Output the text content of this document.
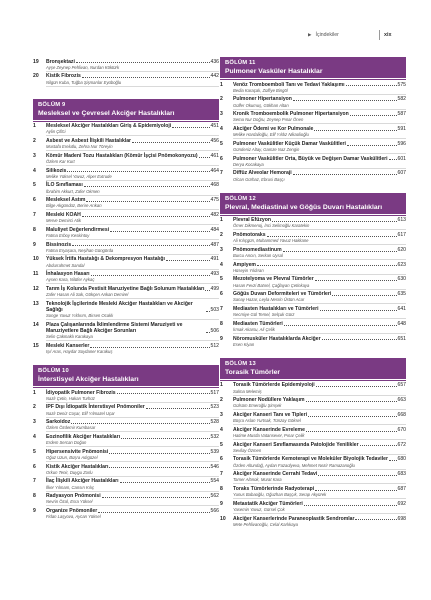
▶ İçindekiler	xix
19	Bronşektazi	436
Ayşe Zeynep Pehlivan, Nurdan Köktürk
20	Kistik Fibrozis	442
Nilgün Kuba, Tuğba Şişmanlar Eyüboğlu
BÖLÜM 9
Mesleksel ve Çevresel Akciğer Hastalıkları
1	Mesleksel Akciğer Hastalıkları Giriş & Epidemiyoloji	451
Aylin Çiftci
2	Asbest ve Asbest İlişkili Hastalıklar	456
Mustafa Erelutlu, Zehra Nur Töreyin
3	Kömür Madeni Tozu Hastalıkları (Kömür İşçisi Pnömokonyozu)	461
Özlem Kar Kurt
4	Silikozis	464
Melike Yüksel Yavuz, Alper Extrude
5	İLO Sınıflaması	468
İbrahim Akkurt, Zafer Okmen
6	Mesleksel Astım	475
Bilge Akgündüz, Berire Arıkan
7	Mesleki KOAH	482
Merve Demirci Atik
8	Maluliyet Değerlendirmesi	484
Fatma Erboy Keskintoy
9	Bissinozis	487
Fatma Eryaşara, Neşihan Güngörda
10	Yüksek İrtifa Hastalığı & Dekompresyon Hastalığı	491
Abdurrahmet Sandal
11	İnhalasyon Hasarı	493
Aysen Kara, Nilüfer Aykaç
12	Tarım İş Kolunda Pestisit Maruziyetine Bağlı Solunum Hastalıkları 499
Zafer Hasan Ali Sak, Gökçen Ankan Demirel
13	Teknolojik İşçilerinde Mesleki Akciğer Hastalıkları ve Akciğer Sağlığı	503
Songe Yavuz Yıldırım, Birsen Ocaklı
14	Plaza Çalışanlarında İklimlendirme Sistemi Maruziyeti ve Maruziyetlere Bağlı Akciğer Sorunları	506
Selin Çakmaklı Karakaya
15	Mesleki Kanserler	512
Işıl Aras, Haydar Soydaner Karakuş
BÖLÜM 10
İnterstisyel Akciğer Hastalıkları
1	İdiyopatik Pulmoner Fibrozis	517
Nazlı Çetin, Hakan Turhüz
2	IPF Dışı İdiopatik İnterstisyel Pnömoniler	523
Nazlı Deniz Coşar, Elif Yılmazel Uçar
3	Sarkoidoz	528
Özlem Özdemir Kumbasar
4	Eozinofilik Akciğer Hastalıkları	532
Erdem Sercan Doğan
5	Hipersensivite Pnömonisi	539
Oğuz Uzun, Büşra Adıgüzel
6	Kistik Akciğer Hastalıkları	546
Orkun Tenir, Duygu Zorlu
7	İlaç İlişkili Akciğer Hastalıkları	554
İlker Yılmam, Cansın Kılıç
8	Radyasyon Pnömonisi	562
Nevrin Özal, Esra Yüksel
9	Organize Pnömoniler	566
Fidan Laşyova, Aycan Yüksel
BÖLÜM 11
Pulmoner Vasküler Hastalıklar
1	Venöz Tromboemboli Tanı ve Tedavi Yaklaşımı	575
Bedia Karaçalı, Zülfiye Bingöl
2	Pulmoner Hipertansiyon	582
Gülfer Okumuş, Gökhan Altan
3	Kronik Tromboembolik Pulmoner Hipertansiyon	587
Sema Nur Doğru, Zeynep Pınar Önen
4	Akciğer Ödemi ve Kor Pulmonale	591
Melike Hardalioğlu, Elif Yıldız Nikaolioğlu
5	Pulmoner Vaskülitler Küçük Damar Vaskülitleri	596
Gündeniz Altay, Gamze Naz Zengin
6	Pulmoner Vaskülitler Orta, Büyük ve Değişen Damar Vaskülitleri 601
Derya Kocakaya
7	Diffüz Alveolar Hemoraji	607
Olcan Gürhaz, Ebrusi Başçı
BÖLÜM 12
Plevral, Mediastinal ve Göğüs Duvarı Hastalıkları
1	Plevral Efüzyon	613
Ömer Dikmenoj, İnci Selimoğlu Karatekin
2	Pnömotoraks	617
Ali Kılıçgün, Muhammed Yavuz Hakkane
3	Pnömomediastinum	620
Burcu Ancın, Serkan Uysal
4	Ampiyem	623
Hüseyin Yıldıran
5	Mezotelyoma ve Plevral Tümörler	630
Hasan Fevzi Batırel, Çağlayan Çetinkaya
6	Göğüs Duvarı Deformiteleri ve Tümörleri	635
Sanay Hazar, Leyla Nesrin Üstün Acar
7	Mediasten Hastalıkları ve Tümörleri	641
Necmiye Gül Temel, Selçuk Gürz
8	Mediasten Tümörleri	648
İrmak Akarsu, Ali Çelik
9	Nöromusküler Hastalıklarda Akciğer	651
Esen Kiyan
BÖLÜM 13
Torasik Tümörler
1	Torasik Tümörlerde Epidemiyoloji	657
Salma Melemiş
2	Pulmoner Nodüllere Yaklaşım	663
Gülsüm Emeroğlu Şimşek
3	Akciğer Kanseri Tanı ve Tipleri	668
Büşra Aslan Yurtsak, Tünzay Göksel
4	Akciğer Kanserinde Evreleme	670
Hatime Mustla Vatansever, Pınar Çelik
5	Akciğer Kanseri Sınıflamasında Patolojide Yenilikler	672
Sevilay Özmen
6	Torasik Tümörlerde Kemoterapi ve Moleküler Biyolojik Tedaviler 680
Özden Altundağ, Aydan Fazaülyeva, Mehmet Nezir Ramazanoğlu
7	Akciğer Kanserinde Cerrahi Tedavi	683
Tamer Altınok, Murat Kara
8	Toraks Tümörlerinde Radyoterapi	687
Yunus Babaoğlu, Oğuzhan Başçık, Serap Akyürek
9	Metastatik Akciğer Tümörleri	692
Yasemin Yavuz, Gürsel Çok
10	Akciğer Kanserlerinde Paraneoplastik Sendromlar	698
Mete Pehlivanoğlu, Celal Karlıkaya
